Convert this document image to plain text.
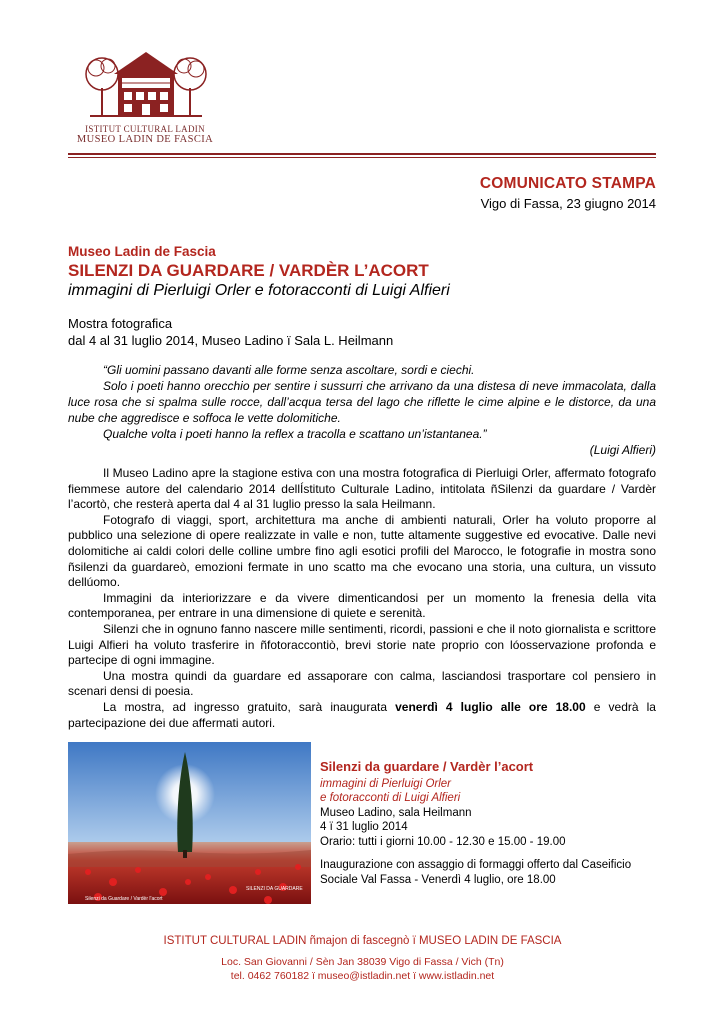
ISTITUT CULTURAL LADIN
MUSEO LADIN DE FASCIA
COMUNICATO STAMPA
Vigo di Fassa, 23 giugno 2014
Museo Ladin de Fascia
SILENZI DA GUARDARE / VARDÈR L’ACORT
immagini di Pierluigi Orler e fotoracconti di Luigi Alfieri
Mostra fotografica
dal 4 al 31 luglio 2014, Museo Ladino ï Sala L. Heilmann

“Gli uomini passano davanti alle forme senza ascoltare, sordi e ciechi.

Solo i poeti hanno orecchio per sentire i sussurri che arrivano da una distesa di neve immacolata, dalla luce rosa che si spalma sulle rocce, dall’acqua tersa del lago che riflette le cime alpine e le distorce, da una nube che aggredisce e soffoca le vette dolomitiche.

Qualche volta i poeti hanno la reflex a tracolla e scattano un’istantanea.”

(Luigi Alfieri)

Il Museo Ladino apre la stagione estiva con una mostra fotografica di Pierluigi Orler, affermato fotografo fiemmese autore del calendario 2014 dellÍstituto Culturale Ladino, intitolata ñSilenzi da guardare / Vardèr l’acortò, che resterà aperta dal 4 al 31 luglio presso la sala Heilmann.

Fotografo di viaggi, sport, architettura ma anche di ambienti naturali, Orler ha voluto proporre al pubblico una selezione di opere realizzate in valle e non, tutte altamente suggestive ed evocative. Dalle nevi dolomitiche ai caldi colori delle colline umbre fino agli esotici profili del Marocco, le fotografie in mostra sono ñsilenzi da guardareò, emozioni fermate in uno scatto ma che evocano una storia, una cultura, un vissuto dellúomo.

Immagini da interiorizzare e da vivere dimenticandosi per un momento la frenesia della vita contemporanea, per entrare in una dimensione di quiete e serenità.

Silenzi che in ognuno fanno nascere mille sentimenti, ricordi, passioni e che il noto giornalista e scrittore Luigi Alfieri ha voluto trasferire in ñfotoraccontiò, brevi storie nate proprio con lóosservazione profonda e partecipe di ogni immagine.

Una mostra quindi da guardare ed assaporare con calma, lasciandosi trasportare col pensiero in scenari densi di poesia.

La mostra, ad ingresso gratuito, sarà inaugurata venerdì 4 luglio alle ore 18.00 e vedrà la partecipazione dei due affermati autori.

SILENZI DA GUARDARE
Silenzi da Guardare / Vardèr l'acort
Silenzi da guardare / Vardèr l’acort
immagini di Pierluigi Orler
e fotoracconti di Luigi Alfieri
Museo Ladino, sala Heilmann
4 ï 31 luglio 2014
Orario: tutti i giorni 10.00 - 12.30 e 15.00 - 19.00
Inaugurazione con assaggio di formaggi offerto dal Caseificio
Sociale Val Fassa - Venerdì 4 luglio, ore 18.00
ISTITUT CULTURAL LADIN ñmajon di fascegnò ï MUSEO LADIN DE FASCIA
Loc. San Giovanni / Sèn Jan 38039 Vigo di Fassa / Vich (Tn)
tel. 0462 760182 ï museo@istladin.net ï www.istladin.net
